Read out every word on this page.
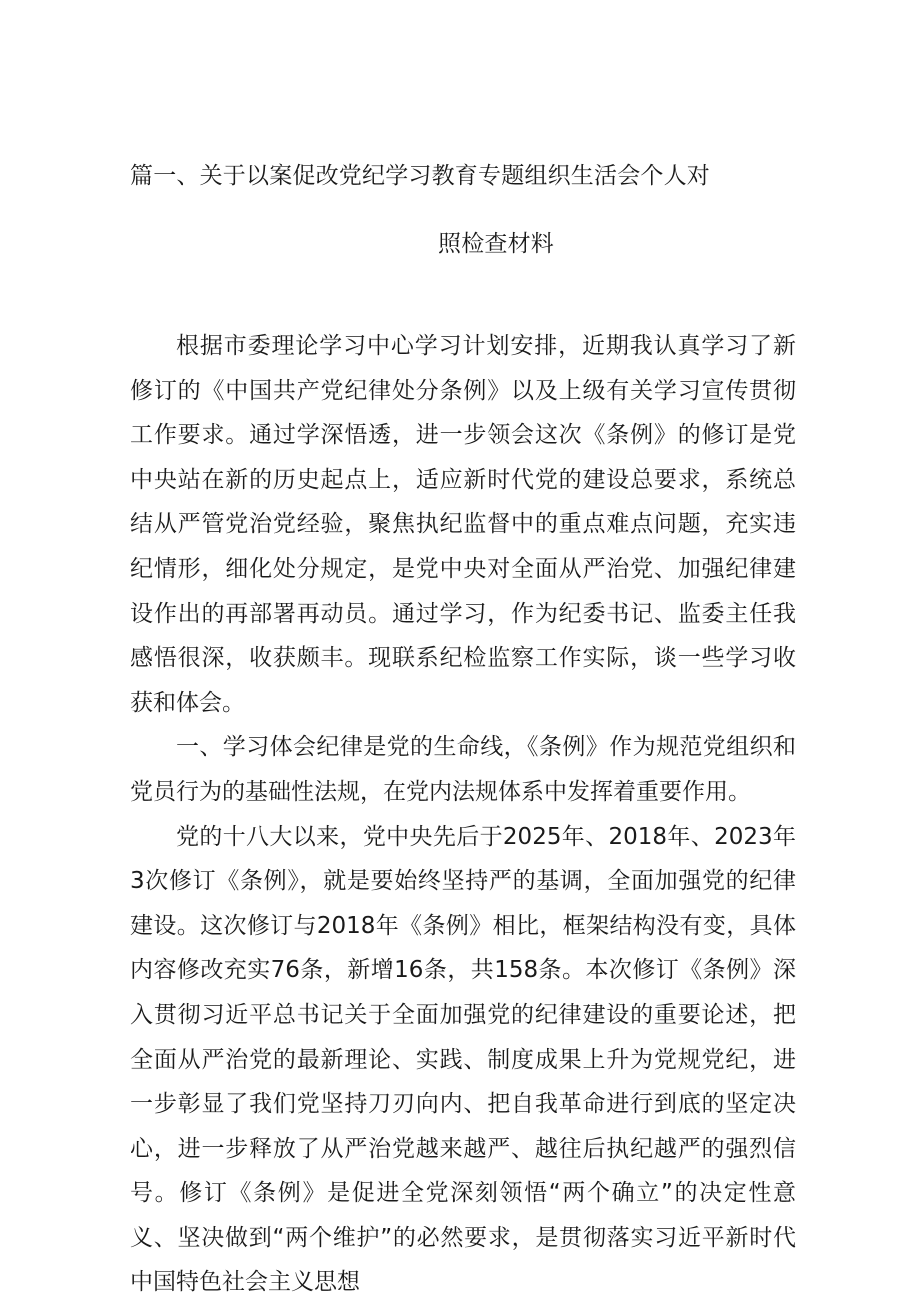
篇一、关于以案促改党纪学习教育专题组织生活会个人对
照检查材料

根据市委理论学习中心学习计划安排，近期我认真学习了新修订的《中国共产党纪律处分条例》以及上级有关学习宣传贯彻工作要求。通过学深悟透，进一步领会这次《条例》的修订是党中央站在新的历史起点上，适应新时代党的建设总要求，系统总结从严管党治党经验，聚焦执纪监督中的重点难点问题，充实违纪情形，细化处分规定，是党中央对全面从严治党、加强纪律建设作出的再部署再动员。通过学习，作为纪委书记、监委主任我感悟很深，收获颇丰。现联系纪检监察工作实际，谈一些学习收获和体会。

一、学习体会纪律是党的生命线，《条例》作为规范党组织和党员行为的基础性法规，在党内法规体系中发挥着重要作用。

党的十八大以来，党中央先后于2025年、2018年、2023年3次修订《条例》，就是要始终坚持严的基调，全面加强党的纪律建设。这次修订与2018年《条例》相比，框架结构没有变，具体内容修改充实76条，新增16条，共158条。本次修订《条例》深入贯彻习近平总书记关于全面加强党的纪律建设的重要论述，把全面从严治党的最新理论、实践、制度成果上升为党规党纪，进一步彰显了我们党坚持刀刃向内、把自我革命进行到底的坚定决心，进一步释放了从严治党越来越严、越往后执纪越严的强烈信号。修订《条例》是促进全党深刻领悟“两个确立”的决定性意义、坚决做到“两个维护”的必然要求，是贯彻落实习近平新时代中国特色社会主义思想
